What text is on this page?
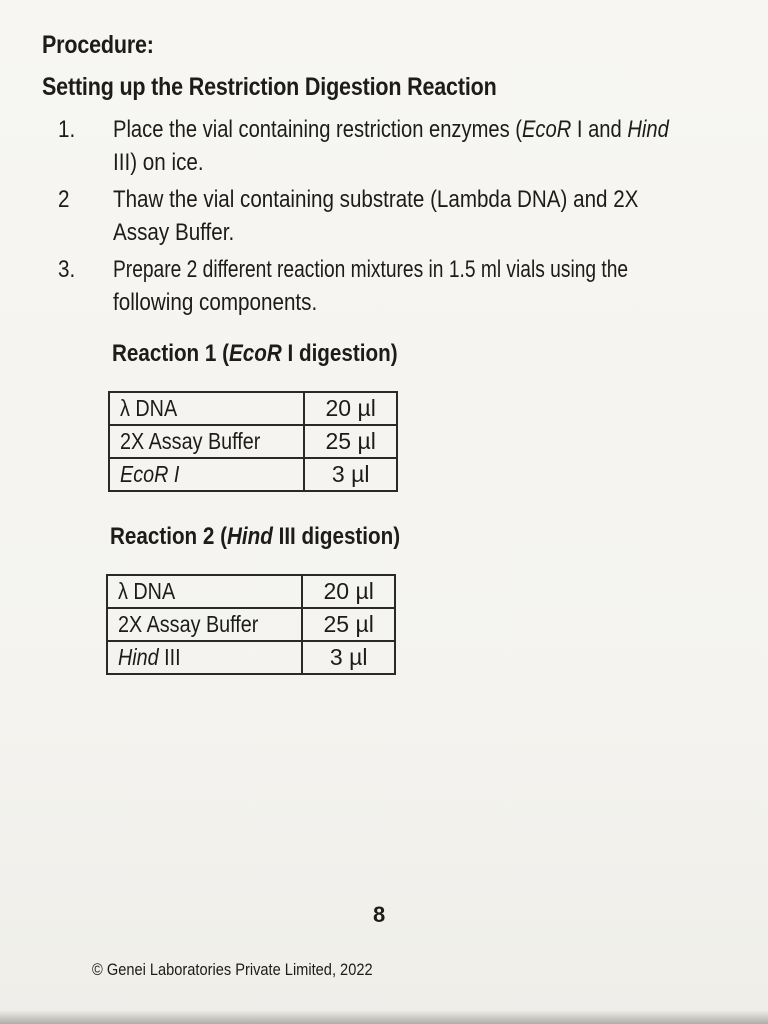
Procedure:
Setting up the Restriction Digestion Reaction
1. Place the vial containing restriction enzymes (EcoR I and Hind
III) on ice.
2 Thaw the vial containing substrate (Lambda DNA) and 2X
Assay Buffer.
3. Prepare 2 different reaction mixtures in 1.5 ml vials using the
following components.
Reaction 1 (EcoR I digestion)
λ DNA	20 µl
2X Assay Buffer	25 µl
EcoR I	3 µl
Reaction 2 (Hind III digestion)
λ DNA	20 µl
2X Assay Buffer	25 µl
Hind III	3 µl
8
© Genei Laboratories Private Limited, 2022
